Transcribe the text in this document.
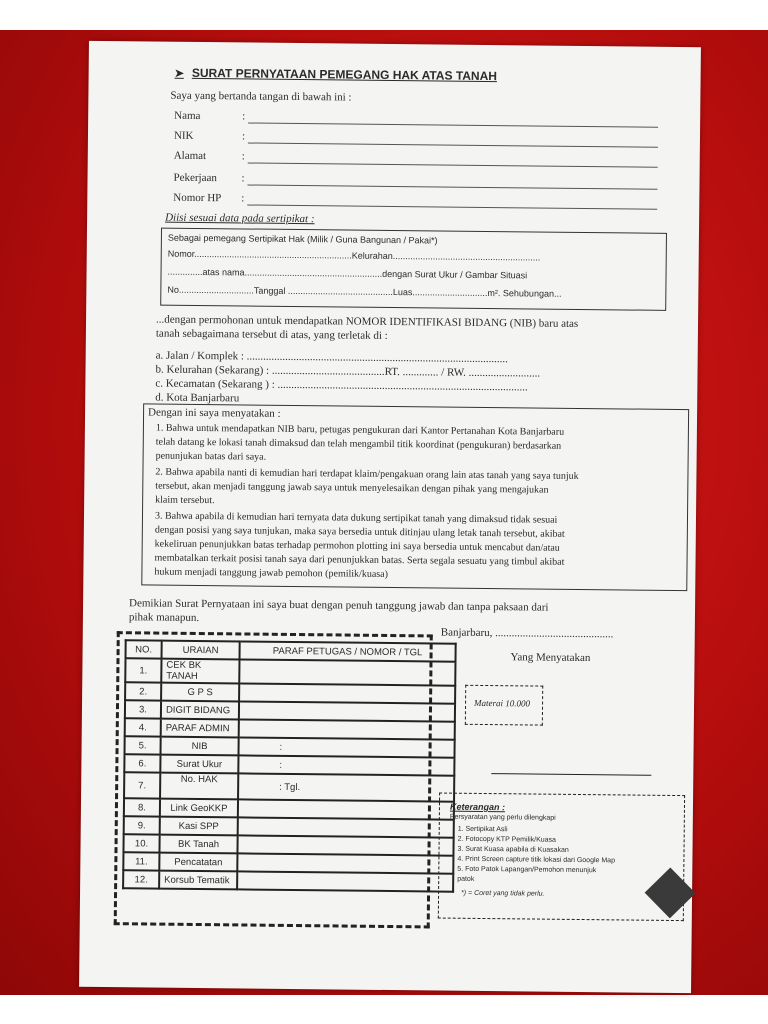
➤ SURAT PERNYATAAN PEMEGANG HAK ATAS TANAH
Saya yang bertanda tangan di bawah ini :
Nama	:
NIK	:
Alamat	:
Pekerjaan :
Nomor HP :
Diisi sesuai data pada sertipikat :
Sebagai pemegang Sertipikat Hak (Milik / Guna Bangunan / Pakai*)
Nomor...............................................................Kelurahan...........................................................
..............atas nama.......................................................dengan Surat Ukur / Gambar Situasi
No..............................Tanggal ..........................................Luas..............................m². Sehubungan...
...dengan permohonan untuk mendapatkan NOMOR IDENTIFIKASI BIDANG (NIB) baru atas
tanah sebagaimana tersebut di atas, yang terletak di :
a. Jalan / Komplek : ...............................................................................................
b. Kelurahan (Sekarang) : .........................................RT. ............. / RW. ..........................
c. Kecamatan (Sekarang ) : ...........................................................................................
d. Kota Banjarbaru
Dengan ini saya menyatakan :
1. Bahwa untuk mendapatkan NIB baru, petugas pengukuran dari Kantor Pertanahan Kota Banjarbaru
telah datang ke lokasi tanah dimaksud dan telah mengambil titik koordinat (pengukuran) berdasarkan
penunjukan batas dari saya.
2. Bahwa apabila nanti di kemudian hari terdapat klaim/pengakuan orang lain atas tanah yang saya tunjuk
tersebut, akan menjadi tanggung jawab saya untuk menyelesaikan dengan pihak yang mengajukan
klaim tersebut.
3. Bahwa apabila di kemudian hari ternyata data dukung sertipikat tanah yang dimaksud tidak sesuai
dengan posisi yang saya tunjukan, maka saya bersedia untuk ditinjau ulang letak tanah tersebut, akibat
kekeliruan penunjukkan batas terhadap permohon plotting ini saya bersedia untuk mencabut dan/atau
membatalkan terkait posisi tanah saya dari penunjukkan batas. Serta segala sesuatu yang timbul akibat
hukum menjadi tanggung jawab pemohon (pemilik/kuasa)
Demikian Surat Pernyataan ini saya buat dengan penuh tanggung jawab dan tanpa paksaan dari
pihak manapun.
Banjarbaru, ...........................................
Yang Menyatakan
Materai 10.000
NO.	URAIAN	PARAF PETUGAS / NOMOR / TGL
1.	CEK BK TANAH	
2.	G P S	
3.	DIGIT BIDANG	
4.	PARAF ADMIN	
5.	NIB	:
6.	Surat Ukur	:
7.	No. HAK	: Tgl.
8.	Link GeoKKP	
9.	Kasi SPP	
10.	BK Tanah	
11.	Pencatatan	
12.	Korsub Tematik	
Keterangan :
Persyaratan yang perlu dilengkapi
1. Sertipikat Asli
2. Fotocopy KTP Pemilik/Kuasa
3. Surat Kuasa apabila di Kuasakan
4. Print Screen capture titik lokasi dari Google Map
5. Foto Patok Lapangan/Pemohon menunjuk
patok
*) = Coret yang tidak perlu.
